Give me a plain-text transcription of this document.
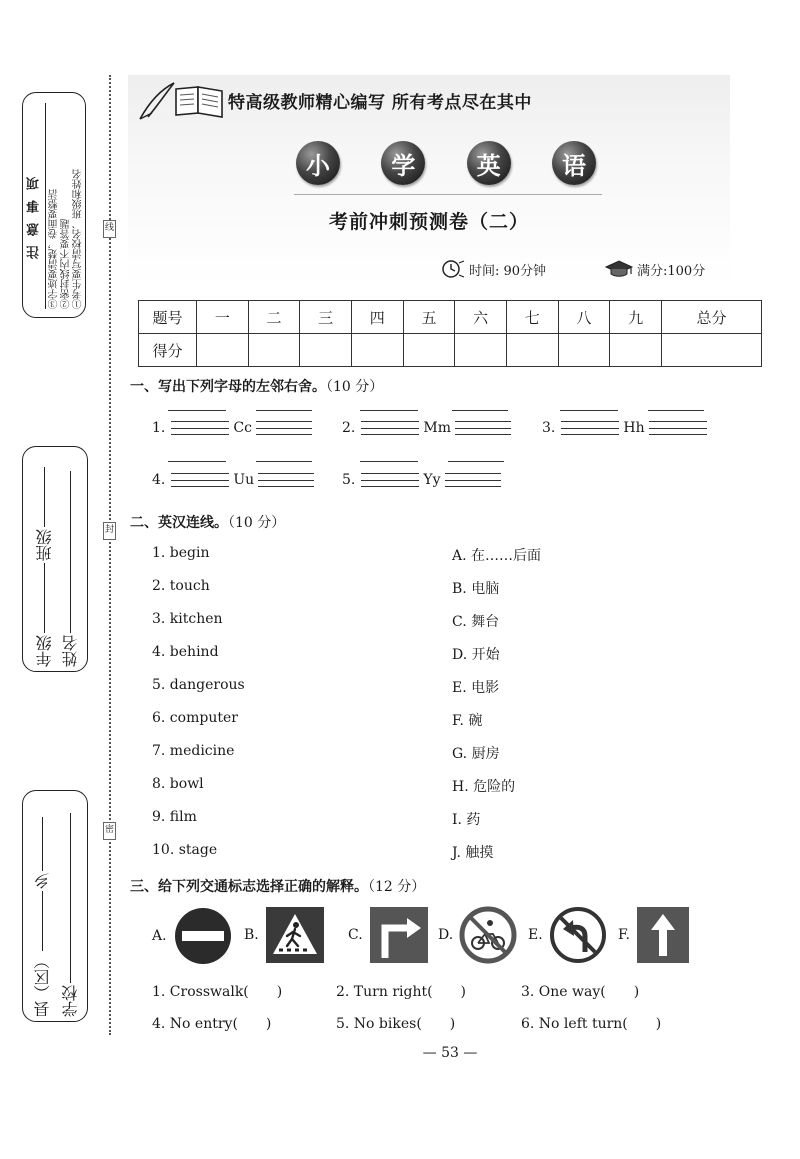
注意事项	①考生要写清校名、班级和姓名
②密封线内不要答题
③字迹要清楚，卷面要整洁
年级
班级
姓名
县（区）
乡
学校
线
封
密
特高级教师精心编写 所有考点尽在其中
小	学	英	语
考前冲刺预测卷（二）
时间: 90分钟	满分:100分
题号	一	二	三	四	五	六	七	八	九	总分
得分										
一、写出下列字母的左邻右舍。（10 分）
1.	Cc	2.	Mm	3.	Hh
4.	Uu	5.	Yy
二、英汉连线。（10 分）
1. begin
2. touch
3. kitchen
4. behind
5. dangerous
6. computer
7. medicine
8. bowl
9. film
10. stage
A. 在……后面
B. 电脑
C. 舞台
D. 开始
E. 电影
F. 碗
G. 厨房
H. 危险的
I. 药
J. 触摸
三、给下列交通标志选择正确的解释。（12 分）
A.	B.	C.	D.	E.	F.
1. Crosswalk(　　)	2. Turn right(　　)	3. One way(　　)
4. No entry(　　)	5. No bikes(　　)	6. No left turn(　　)
— 53 —
